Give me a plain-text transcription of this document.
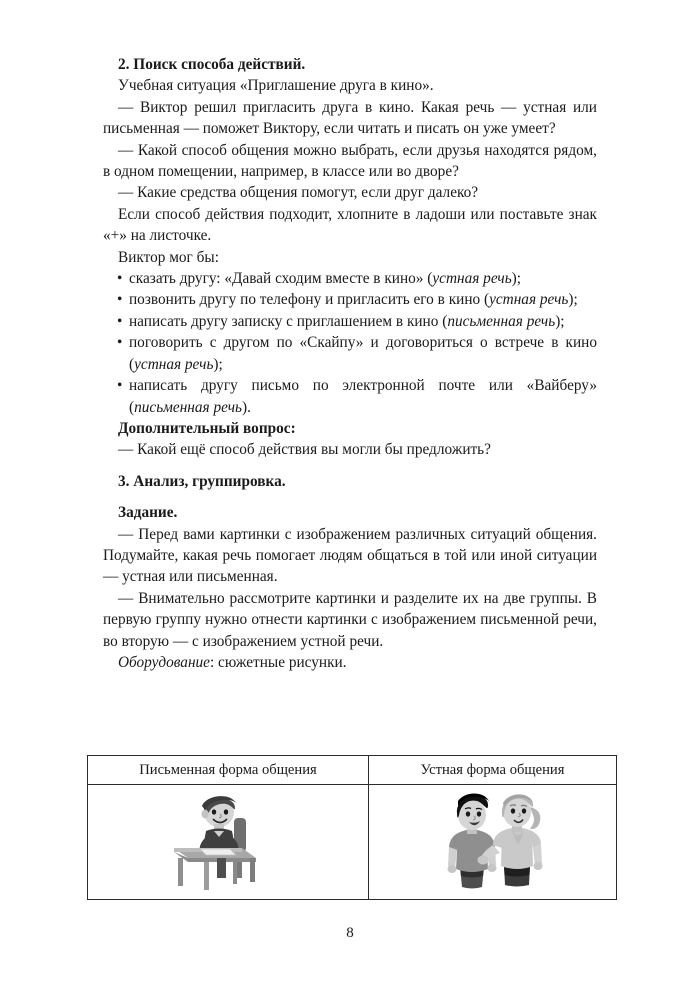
2. Поиск способа действий.

Учебная ситуация «Приглашение друга в кино».

— Виктор решил пригласить друга в кино. Какая речь — устная или письменная — поможет Виктору, если читать и писать он уже умеет?

— Какой способ общения можно выбрать, если друзья находятся рядом, в одном помещении, например, в классе или во дворе?

— Какие средства общения помогут, если друг далеко?

Если способ действия подходит, хлопните в ладоши или поставьте знак «+» на листочке.

Виктор мог бы:

• сказать другу: «Давай сходим вместе в кино» (устная речь);
• позвонить другу по телефону и пригласить его в кино (устная речь);
• написать другу записку с приглашением в кино (письменная речь);
• поговорить с другом по «Скайпу» и договориться о встрече в кино (устная речь);
• написать другу письмо по электронной почте или «Вайберу» (письменная речь).

Дополнительный вопрос:

— Какой ещё способ действия вы могли бы предложить?

3. Анализ, группировка.

Задание.

— Перед вами картинки с изображением различных ситуаций общения. Подумайте, какая речь помогает людям общаться в той или иной ситуации — устная или письменная.

— Внимательно рассмотрите картинки и разделите их на две группы. В первую группу нужно отнести картинки с изображением письменной речи, во вторую — с изображением устной речи.

Оборудование: сюжетные рисунки.

Письменная форма общения	Устная форма общения

8
